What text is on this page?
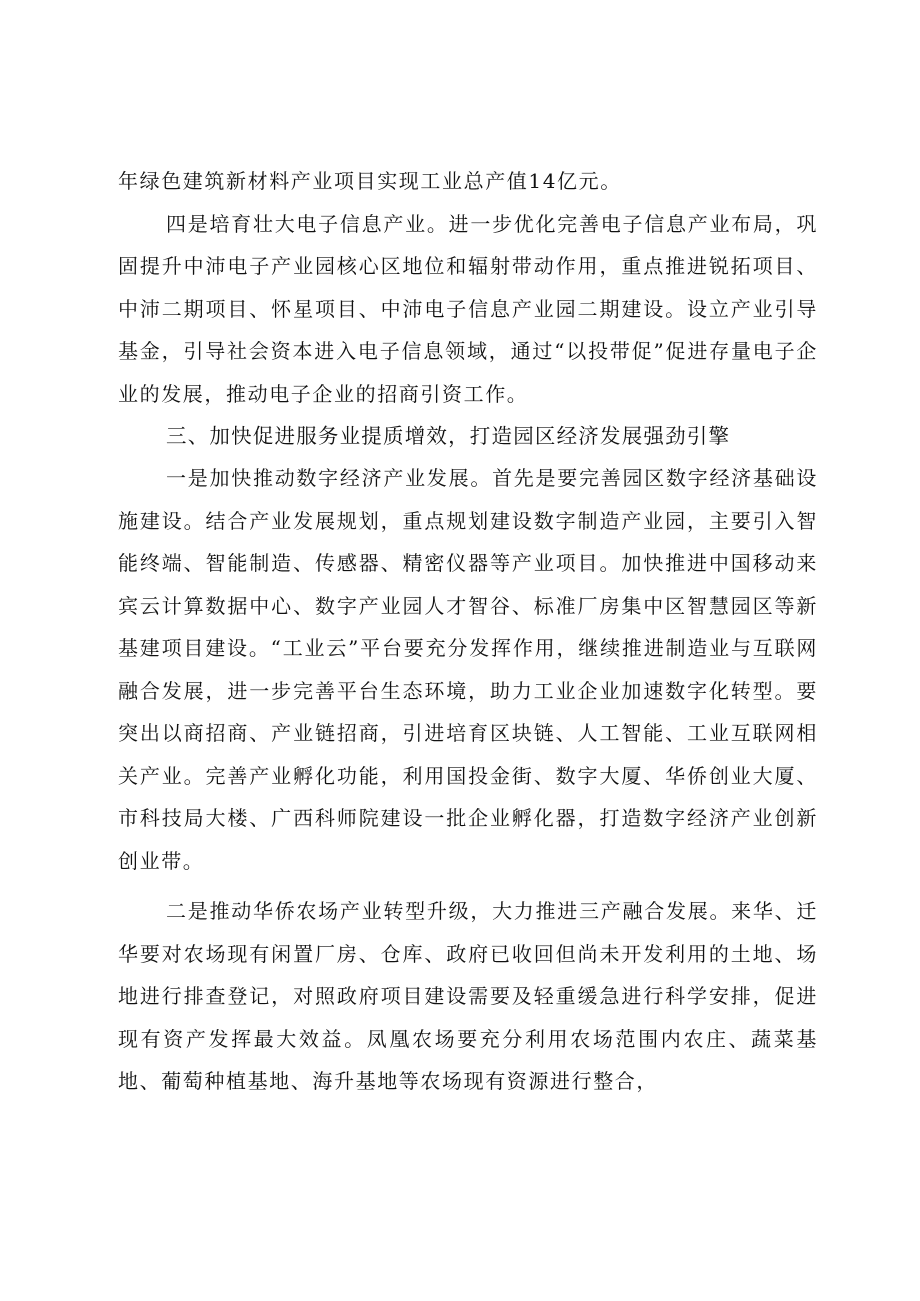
年绿色建筑新材料产业项目实现工业总产值14亿元。

四是培育壮大电子信息产业。进一步优化完善电子信息产业布局，巩固提升中沛电子产业园核心区地位和辐射带动作用，重点推进锐拓项目、中沛二期项目、怀星项目、中沛电子信息产业园二期建设。设立产业引导基金，引导社会资本进入电子信息领域，通过“以投带促”促进存量电子企业的发展，推动电子企业的招商引资工作。

三、加快促进服务业提质增效，打造园区经济发展强劲引擎

一是加快推动数字经济产业发展。首先是要完善园区数字经济基础设施建设。结合产业发展规划，重点规划建设数字制造产业园，主要引入智能终端、智能制造、传感器、精密仪器等产业项目。加快推进中国移动来宾云计算数据中心、数字产业园人才智谷、标准厂房集中区智慧园区等新基建项目建设。“工业云”平台要充分发挥作用，继续推进制造业与互联网融合发展，进一步完善平台生态环境，助力工业企业加速数字化转型。要突出以商招商、产业链招商，引进培育区块链、人工智能、工业互联网相关产业。完善产业孵化功能，利用国投金街、数字大厦、华侨创业大厦、市科技局大楼、广西科师院建设一批企业孵化器，打造数字经济产业创新创业带。

二是推动华侨农场产业转型升级，大力推进三产融合发展。来华、迁华要对农场现有闲置厂房、仓库、政府已收回但尚未开发利用的土地、场地进行排查登记，对照政府项目建设需要及轻重缓急进行科学安排，促进现有资产发挥最大效益。凤凰农场要充分利用农场范围内农庄、蔬菜基地、葡萄种植基地、海升基地等农场现有资源进行整合，
